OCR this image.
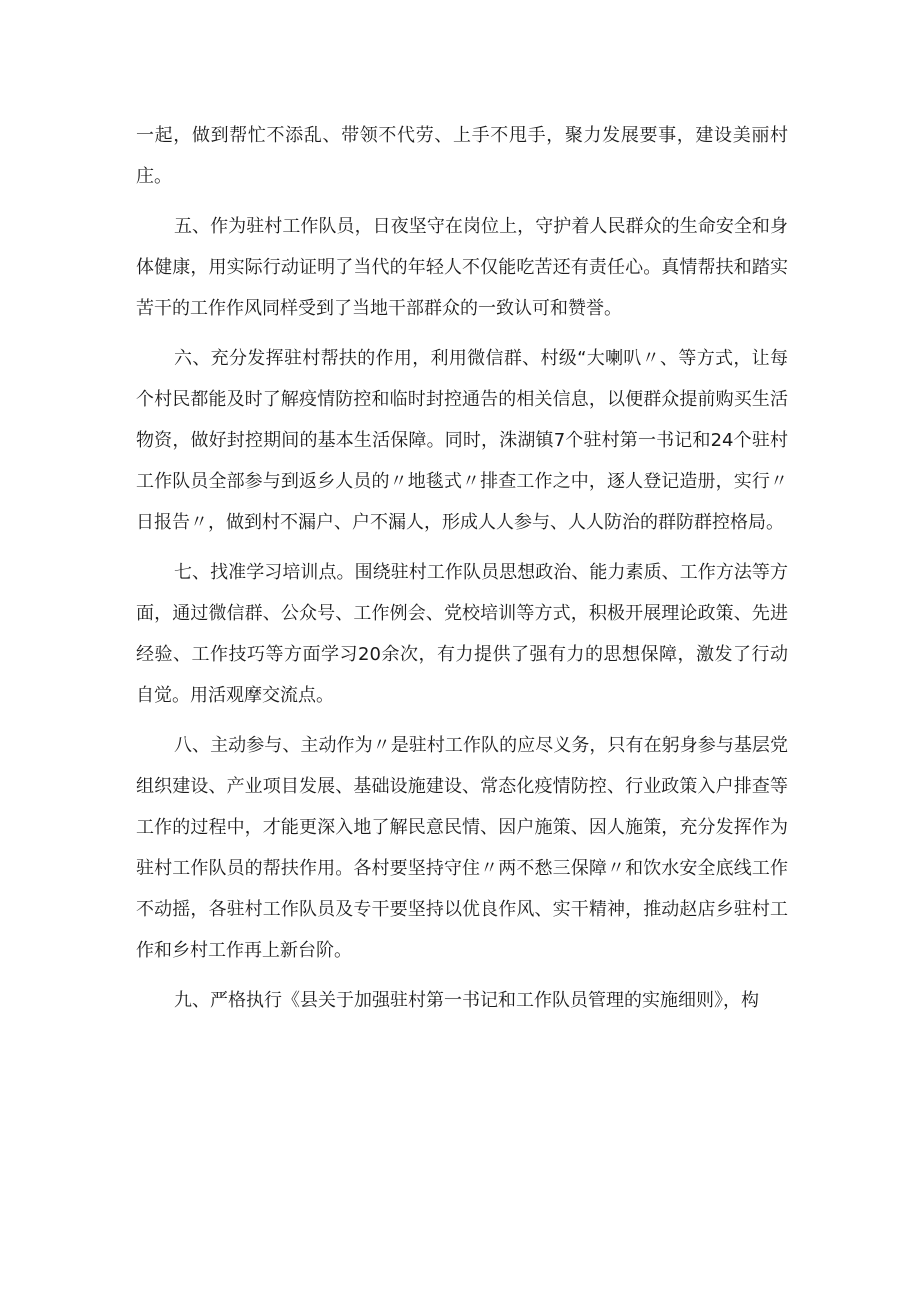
一起，做到帮忙不添乱、带领不代劳、上手不甩手，聚力发展要事，建设美丽村庄。

五、作为驻村工作队员，日夜坚守在岗位上，守护着人民群众的生命安全和身体健康，用实际行动证明了当代的年轻人不仅能吃苦还有责任心。真情帮扶和踏实苦干的工作作风同样受到了当地干部群众的一致认可和赞誉。

六、充分发挥驻村帮扶的作用，利用微信群、村级“大喇叭〃、等方式，让每个村民都能及时了解疫情防控和临时封控通告的相关信息，以便群众提前购买生活物资，做好封控期间的基本生活保障。同时，洙湖镇7个驻村第一书记和24个驻村工作队员全部参与到返乡人员的〃地毯式〃排查工作之中，逐人登记造册，实行〃日报告〃，做到村不漏户、户不漏人，形成人人参与、人人防治的群防群控格局。

七、找准学习培训点。围绕驻村工作队员思想政治、能力素质、工作方法等方面，通过微信群、公众号、工作例会、党校培训等方式，积极开展理论政策、先进经验、工作技巧等方面学习20余次，有力提供了强有力的思想保障，激发了行动自觉。用活观摩交流点。

八、主动参与、主动作为〃是驻村工作队的应尽义务，只有在躬身参与基层党组织建设、产业项目发展、基础设施建设、常态化疫情防控、行业政策入户排查等工作的过程中，才能更深入地了解民意民情、因户施策、因人施策，充分发挥作为驻村工作队员的帮扶作用。各村要坚持守住〃两不愁三保障〃和饮水安全底线工作不动摇，各驻村工作队员及专干要坚持以优良作风、实干精神，推动赵店乡驻村工作和乡村工作再上新台阶。

九、严格执行《县关于加强驻村第一书记和工作队员管理的实施细则》，构
